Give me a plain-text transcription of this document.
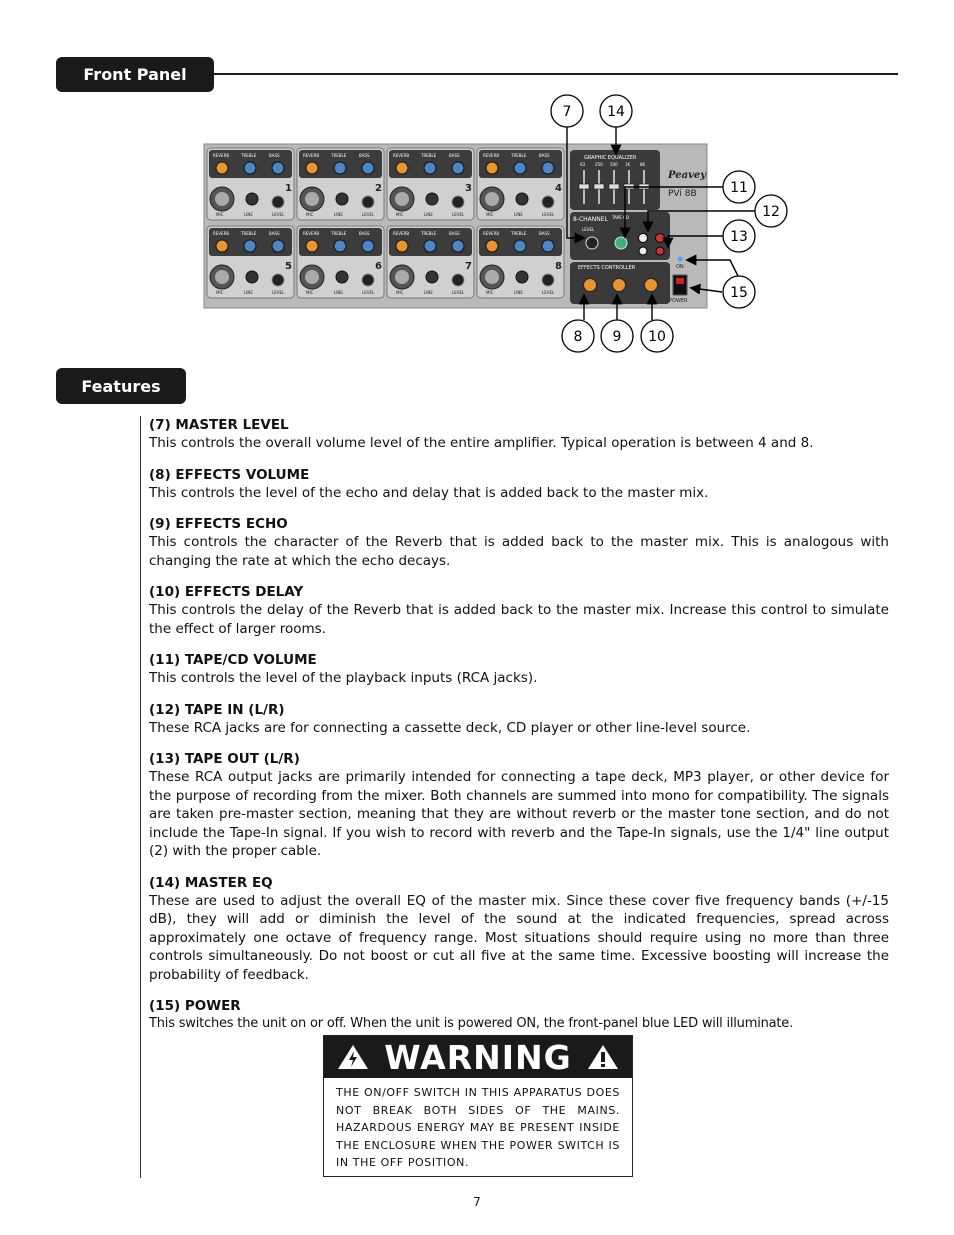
Front Panel
REVERB	TREBLE	BASS
1
MIC	LINE	LEVEL
REVERB	TREBLE	BASS
2
MIC	LINE	LEVEL
REVERB	TREBLE	BASS
3
MIC	LINE	LEVEL
REVERB	TREBLE	BASS
4
MIC	LINE	LEVEL
REVERB	TREBLE	BASS
5
MIC	LINE	LEVEL
REVERB	TREBLE	BASS
6
MIC	LINE	LEVEL
REVERB	TREBLE	BASS
7
MIC	LINE	LEVEL
REVERB	TREBLE	BASS
8
MIC	LINE	LEVEL
GRAPHIC EQUALIZER
63 250 500 1K 8K
Peavey
PVi 8B
8-CHANNEL
LEVEL
TAPE CD
EFFECTS CONTROLLER	ON
POWER
7	14
11
12
13
15
8 9 10
Features
(7) MASTER LEVEL

This controls the overall volume level of the entire amplifier. Typical operation is between 4 and 8.

(8) EFFECTS VOLUME

This controls the level of the echo and delay that is added back to the master mix.

(9) EFFECTS ECHO

This controls the character of the Reverb that is added back to the master mix. This is analogous with changing the rate at which the echo decays.

(10) EFFECTS DELAY

This controls the delay of the Reverb that is added back to the master mix. Increase this control to simulate the effect of larger rooms.

(11) TAPE/CD VOLUME

This controls the level of the playback inputs (RCA jacks).

(12) TAPE IN (L/R)

These RCA jacks are for connecting a cassette deck, CD player or other line-level source.

(13) TAPE OUT (L/R)

These RCA output jacks are primarily intended for connecting a tape deck, MP3 player, or other device for the purpose of recording from the mixer. Both channels are summed into mono for compatibility. The signals are taken pre-master section, meaning that they are without reverb or the master tone section, and do not include the Tape-In signal. If you wish to record with reverb and the Tape-In signals, use the 1/4" line output (2) with the proper cable.

(14) MASTER EQ

These are used to adjust the overall EQ of the master mix. Since these cover five frequency bands (+/-15 dB), they will add or diminish the level of the sound at the indicated frequencies, spread across approximately one octave of frequency range. Most situations should require using no more than three controls simultaneously. Do not boost or cut all five at the same time. Excessive boosting will increase the probability of feedback.

(15) POWER

This switches the unit on or off. When the unit is powered ON, the front-panel blue LED will illuminate.

WARNING
THE ON/OFF SWITCH IN THIS APPARATUS DOES NOT BREAK BOTH SIDES OF THE MAINS. HAZARDOUS ENERGY MAY BE PRESENT INSIDE THE ENCLOSURE WHEN THE POWER SWITCH IS IN THE OFF POSITION.
7
